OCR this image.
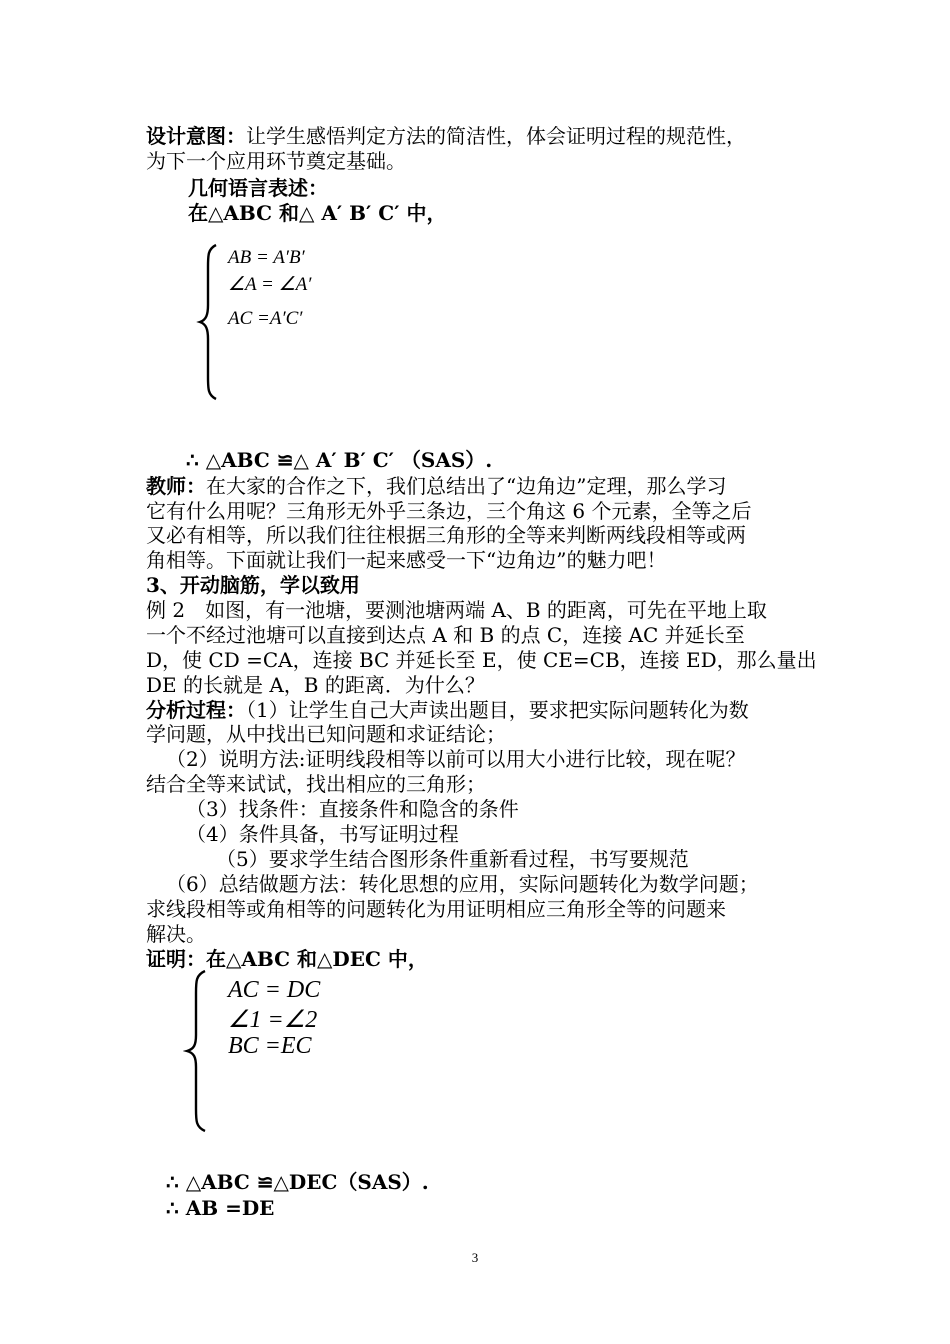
设计意图：让学生感悟判定方法的简洁性，体会证明过程的规范性，
为下一个应用环节奠定基础。
几何语言表述：
在△ABC 和△ A′ B′ C′ 中，
AB = A′B′
∠A = ∠A′
AC =A′C′
∴ △ABC ≌△ A′ B′ C′ （SAS）.
教师：在大家的合作之下，我们总结出了“边角边”定理，那么学习
它有什么用呢？三角形无外乎三条边，三个角这 6 个元素，全等之后
又必有相等，所以我们往往根据三角形的全等来判断两线段相等或两
角相等。下面就让我们一起来感受一下“边角边”的魅力吧！
3、开动脑筋，学以致用
例 2　如图，有一池塘，要测池塘两端 A、B 的距离，可先在平地上取
一个不经过池塘可以直接到达点 A 和 B 的点 C，连接 AC 并延长至
D，使 CD =CA，连接 BC 并延长至 E，使 CE=CB，连接 ED，那么量出
DE 的长就是 A，B 的距离．为什么？
分析过程：（1）让学生自己大声读出题目，要求把实际问题转化为数
学问题，从中找出已知问题和求证结论；
（2）说明方法:证明线段相等以前可以用大小进行比较，现在呢？
结合全等来试试，找出相应的三角形；
（3）找条件：直接条件和隐含的条件
（4）条件具备，书写证明过程
（5）要求学生结合图形条件重新看过程，书写要规范
（6）总结做题方法：转化思想的应用，实际问题转化为数学问题；
求线段相等或角相等的问题转化为用证明相应三角形全等的问题来
解决。
证明：在△ABC 和△DEC 中，
AC = DC
∠1 =∠2
BC =EC
∴ △ABC ≌△DEC（SAS）.
∴ AB =DE
3
